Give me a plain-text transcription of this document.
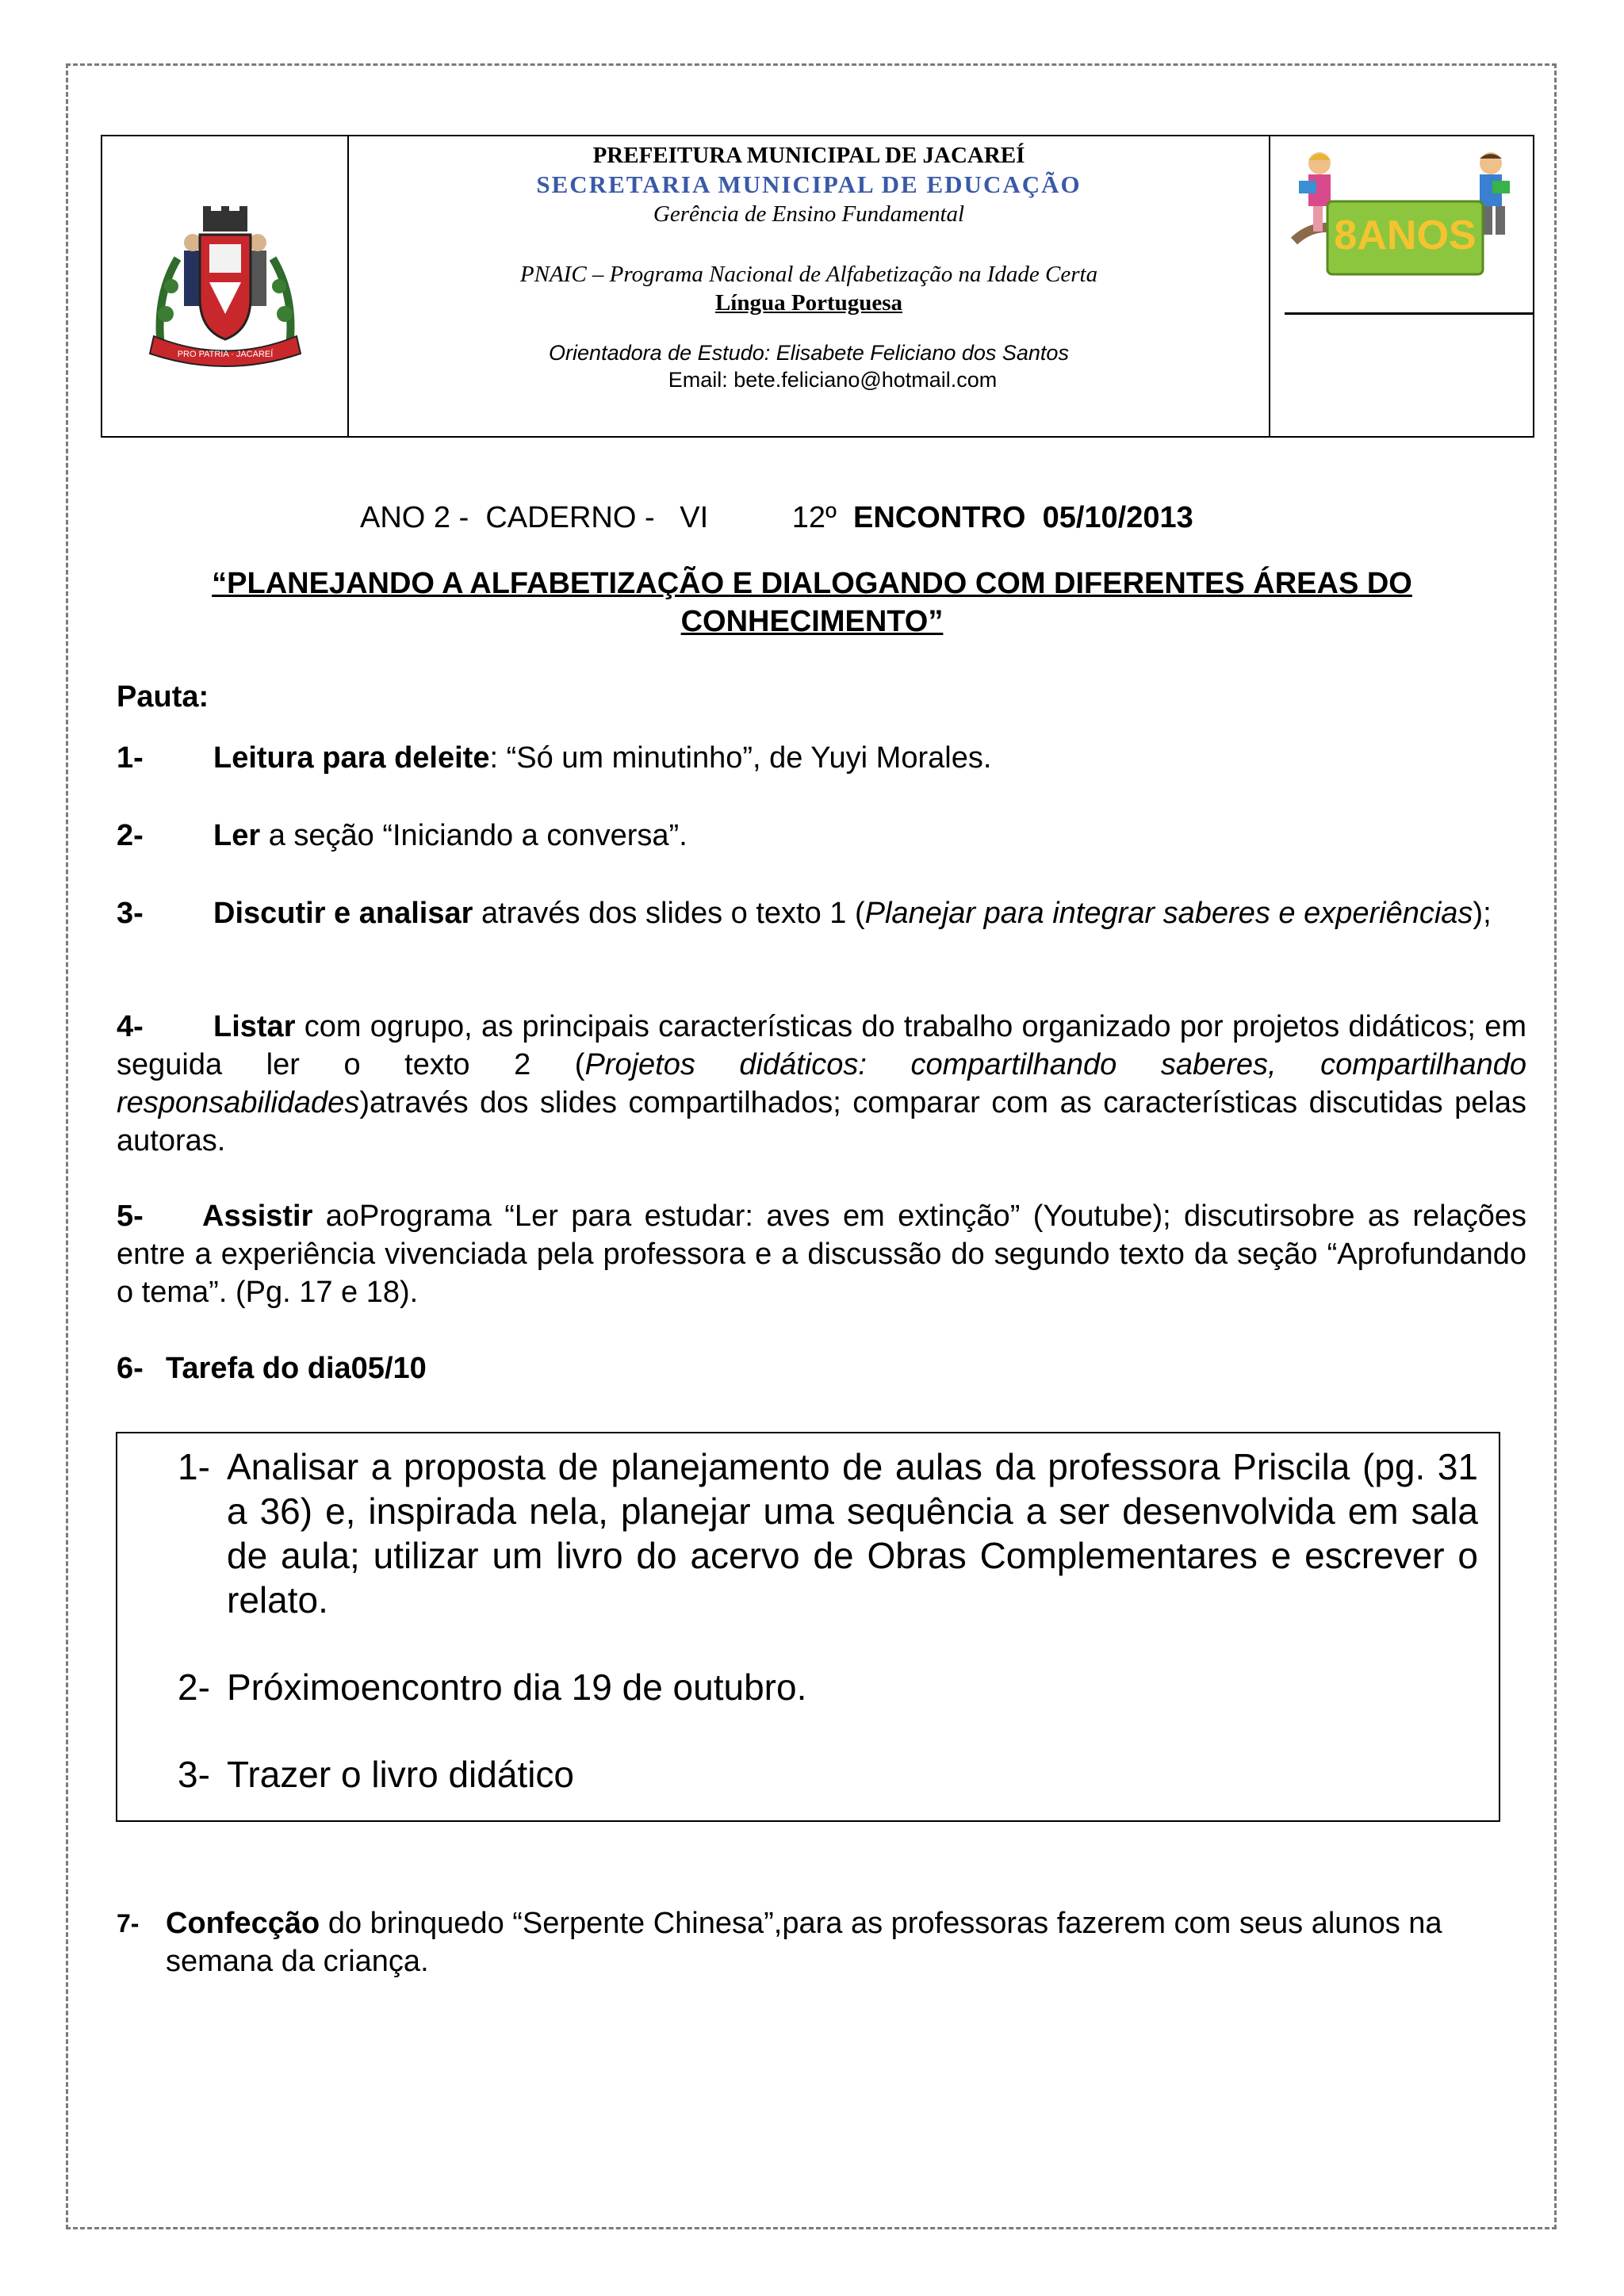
PRO PATRIA · JACAREÍ
PREFEITURA MUNICIPAL DE JACAREÍ
SECRETARIA MUNICIPAL DE EDUCAÇÃO
Gerência de Ensino Fundamental
PNAIC – Programa Nacional de Alfabetização na Idade Certa
Língua Portuguesa
Orientadora de Estudo: Elisabete Feliciano dos Santos
Email: bete.feliciano@hotmail.com
8ANOS
ANO 2 -  CADERNO -   VI          12º  ENCONTRO  05/10/2013
“PLANEJANDO A ALFABETIZAÇÃO E DIALOGANDO COM DIFERENTES ÁREAS DO CONHECIMENTO”
Pauta:
1- Leitura para deleite: “Só um minutinho”, de Yuyi Morales.
2- Ler a seção “Iniciando a conversa”.
3- Discutir e analisar através dos slides o texto 1 (Planejar para integrar saberes e experiências);
4- Listar com ogrupo, as principais características do trabalho organizado por projetos didáticos; em seguida ler o texto 2 (Projetos didáticos: compartilhando saberes, compartilhando responsabilidades)através dos slides compartilhados; comparar com as características discutidas pelas autoras.
5- Assistir aoPrograma “Ler para estudar: aves em extinção” (Youtube); discutirsobre as relações entre a experiência vivenciada pela professora e a discussão do segundo texto da seção “Aprofundando o tema”. (Pg. 17 e 18).
6- Tarefa do dia05/10
1- Analisar a proposta de planejamento de aulas da professora Priscila (pg. 31 a 36) e, inspirada nela, planejar uma sequência a ser desenvolvida em sala de aula; utilizar um livro do acervo de Obras Complementares e escrever o relato.
2- Próximoencontro dia 19 de outubro.
3- Trazer o livro didático
7- Confecção do brinquedo “Serpente Chinesa”,para as professoras fazerem com seus alunos na semana da criança.
